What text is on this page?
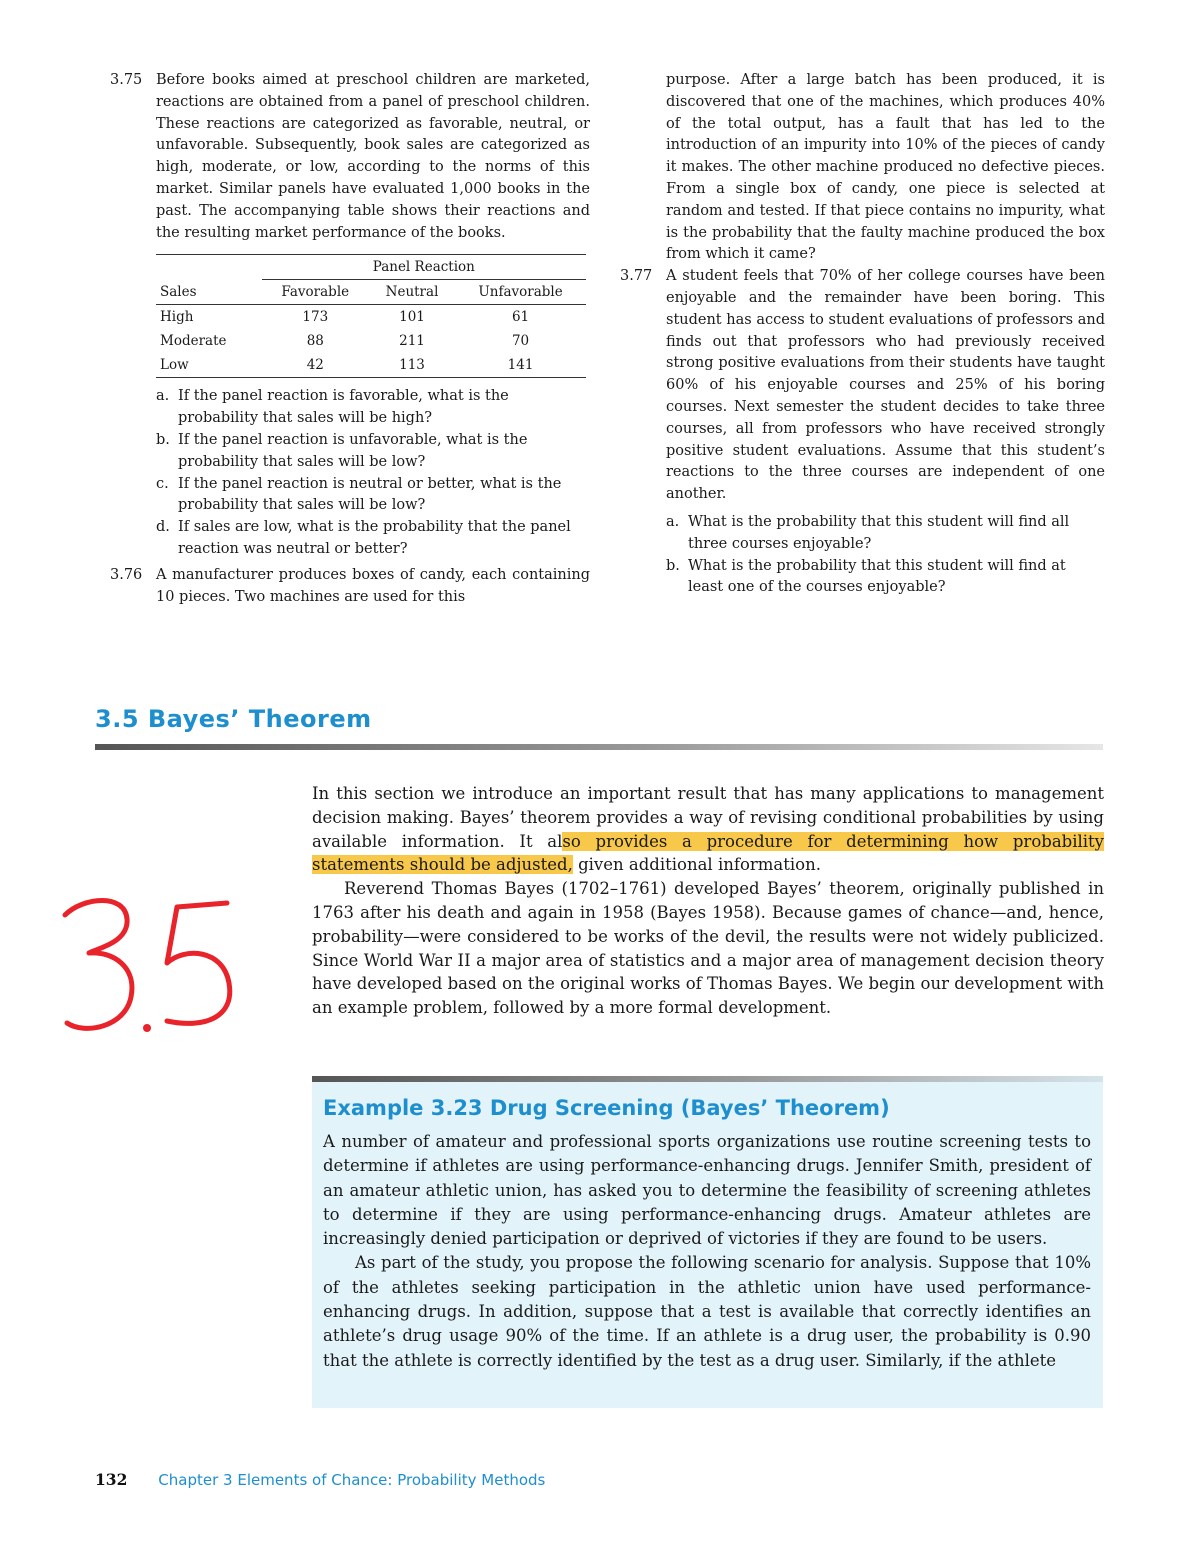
3.75 Before books aimed at preschool children are marketed, reactions are obtained from a panel of preschool children. These reactions are categorized as favorable, neutral, or unfavorable. Subsequently, book sales are categorized as high, moderate, or low, according to the norms of this market. Similar panels have evaluated 1,000 books in the past. The accompanying table shows their reactions and the resulting market performance of the books.
	Panel Reaction		
Sales	Favorable	Neutral	Unfavorable
High	173	101	61
Moderate	88	211	70
Low	42	113	141
a. If the panel reaction is favorable, what is the probability that sales will be high?
b. If the panel reaction is unfavorable, what is the probability that sales will be low?
c. If the panel reaction is neutral or better, what is the probability that sales will be low?
d. If sales are low, what is the probability that the panel reaction was neutral or better?
3.76 A manufacturer produces boxes of candy, each containing 10 pieces. Two machines are used for this
purpose. After a large batch has been produced, it is discovered that one of the machines, which produces 40% of the total output, has a fault that has led to the introduction of an impurity into 10% of the pieces of candy it makes. The other machine produced no defective pieces. From a single box of candy, one piece is selected at random and tested. If that piece contains no impurity, what is the probability that the faulty machine produced the box from which it came?
3.77 A student feels that 70% of her college courses have been enjoyable and the remainder have been boring. This student has access to student evaluations of professors and finds out that professors who had previously received strong positive evaluations from their students have taught 60% of his enjoyable courses and 25% of his boring courses. Next semester the student decides to take three courses, all from professors who have received strongly positive student evaluations. Assume that this student’s reactions to the three courses are independent of one another.
a. What is the probability that this student will find all three courses enjoyable?
b. What is the probability that this student will find at least one of the courses enjoyable?
3.5 Bayes’ Theorem

In this section we introduce an important result that has many applications to management decision making. Bayes’ theorem provides a way of revising conditional probabilities by using available information. It also provides a procedure for determining how probability statements should be adjusted, given additional information.

Reverend Thomas Bayes (1702–1761) developed Bayes’ theorem, originally published in 1763 after his death and again in 1958 (Bayes 1958). Because games of chance—and, hence, probability—were considered to be works of the devil, the results were not widely publicized. Since World War II a major area of statistics and a major area of management decision theory have developed based on the original works of Thomas Bayes. We begin our development with an example problem, followed by a more formal development.

Example 3.23 Drug Screening (Bayes’ Theorem)

A number of amateur and professional sports organizations use routine screening tests to determine if athletes are using performance-enhancing drugs. Jennifer Smith, president of an amateur athletic union, has asked you to determine the feasibility of screening athletes to determine if they are using performance-enhancing drugs. Amateur athletes are increasingly denied participation or deprived of victories if they are found to be users.

As part of the study, you propose the following scenario for analysis. Suppose that 10% of the athletes seeking participation in the athletic union have used performance-enhancing drugs. In addition, suppose that a test is available that correctly identifies an athlete’s drug usage 90% of the time. If an athlete is a drug user, the probability is 0.90 that the athlete is correctly identified by the test as a drug user. Similarly, if the athlete

132 Chapter 3 Elements of Chance: Probability Methods
